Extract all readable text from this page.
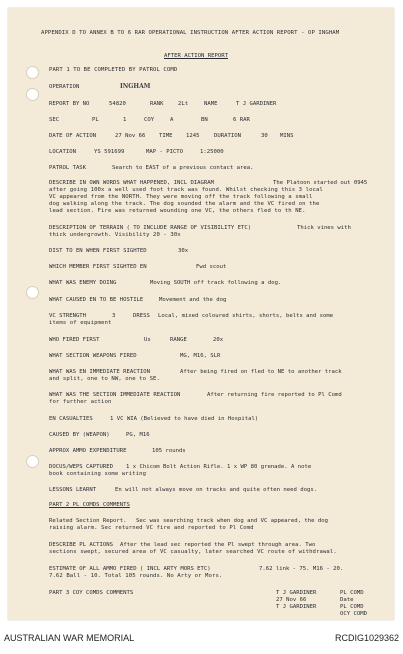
APPENDIX D TO ANNEX B TO 6 RAR OPERATIONAL INSTRUCTION AFTER ACTION REPORT - OP INGHAM
AFTER ACTION REPORT
PART 1 TO BE COMPLETED BY PATROL COMD
OPERATION	INGHAM
REPORT BY NO	54820	RANK	2Lt	NAME	T J GARDINER
SEC	PL	1	COY	A	BN	6 RAR
DATE OF ACTION	27 Nov 66 TIME 1245	DURATION	30 MINS
LOCATION	YS 591699	MAP - PICTO	1:25000
PATROL TASK	Search to EAST of a previous contact area.
DESCRIBE IN OWN WORDS WHAT HAPPENED, INCL DIAGRAM	The Platoon started out 0945
after going 100x a well used foot track was found. Whilst checking this 3 local
VC appeared from the NORTH. They were moving off the track following a small
dog walking along the track. The dog sounded the alarm and the VC fired on the
lead section. Fire was returned wounding one VC, the others fled to th NE.
DESCRIPTION OF TERRAIN ( TO INCLUDE RANGE OF VISIBILITY ETC)	Thick vines with
thick undergrowth. Visibility 20 - 30x
DIST TO EN WHEN FIRST SIGHTED	30x
WHICH MEMBER FIRST SIGHTED EN	Fwd scout
WHAT WAS ENEMY DOING	Moving SOUTH off track following a dog.
WHAT CAUSED EN TO BE HOSTILE	Movement and the dog
VC STRENGTH	3	DRESS Local, mixed coloured shirts, shorts, belts and some
items of equipment
WHO FIRED FIRST	Us	RANGE	20x
WHAT SECTION WEAPONS FIRED	MG, M16, SLR
WHAT WAS EN IMMEDIATE REACTION	After being fired on fled to NE to another track
and split, one to NW, one to SE.
WHAT WAS THE SECTION IMMEDIATE REACTION	After returning fire reported to Pl Comd
for further action
EN CASUALTIES	1 VC WIA (Believed to have died in Hospital)
CAUSED BY (WEAPON)	PG, M16
APPROX AMMO EXPENDITURE	105 rounds
DOCUS/WEPS CAPTURED 1 x Chicom Bolt Action Rifle. 1 x WP 80 grenade. A note
book containing some writing
LESSONS LEARNT	En will not always move on tracks and quite often need dogs.
PART 2 PL COMDS COMMENTS
Related Section Report. Sec was searching track when dog and VC appeared, the dog
raising alarm. Sec returned VC fire and reported to Pl Comd
DESCRIBE PL ACTIONS After the lead sec reported the Pl swept through area. Two
sections swept, secured area of VC casualty, later searched VC route of withdrawal.
ESTIMATE OF ALL AMMO FIRED ( INCL ARTY MORS ETC)	7.62 link - 75. M16 - 20.
7.62 Ball - 10. Total 105 rounds. No Arty or Mors.
PART 3 COY COMDS COMMENTS	T J GARDINER	PL COMD
27 Nov 66	Date
PL COMD
T J GARDINER
OCY COMD
AUSTRALIAN WAR MEMORIAL	RCDIG1029362
